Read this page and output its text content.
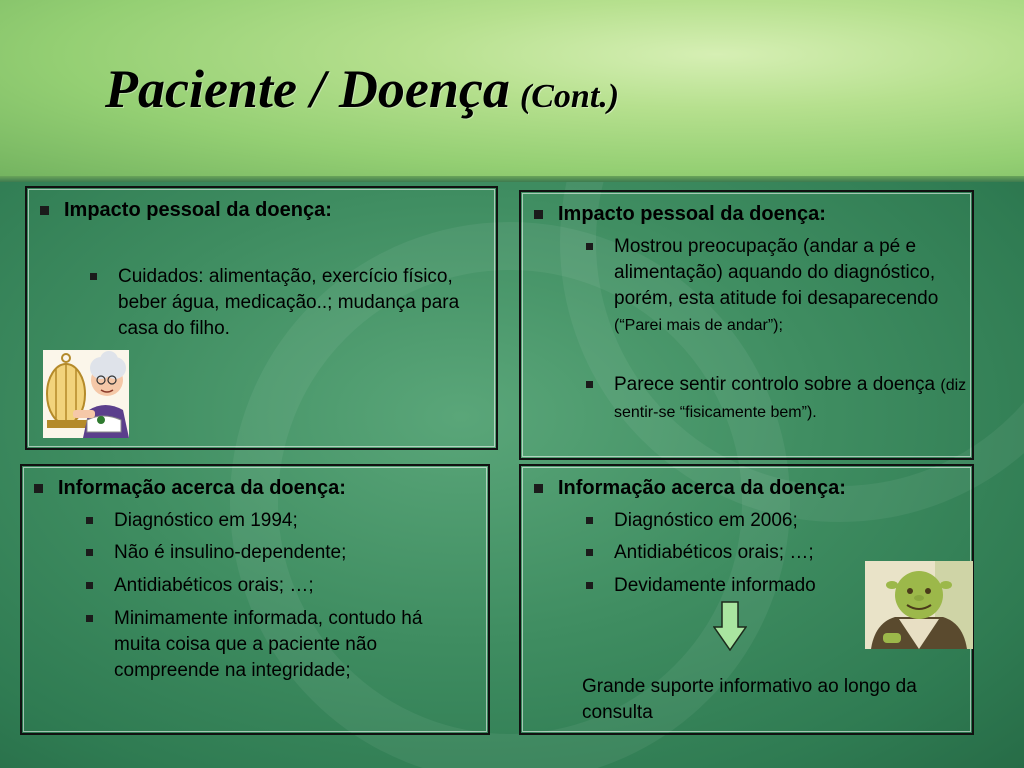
Paciente / Doença (Cont.)
Impacto pessoal da doença:
Cuidados: alimentação, exercício físico, beber água, medicação..; mudança para casa do filho.
Impacto pessoal da doença:
Mostrou preocupação (andar a pé e alimentação) aquando do diagnóstico, porém, esta atitude foi desaparecendo (“Parei mais de andar”);
Parece sentir controlo sobre a doença (diz sentir-se “fisicamente bem”).
Informação acerca da doença:
Diagnóstico em 1994;
Não é insulino-dependente;
Antidiabéticos orais; …;
Minimamente informada, contudo há muita coisa que a paciente não compreende na integridade;
Informação acerca da doença:
Diagnóstico em 2006;
Antidiabéticos orais; …;
Devidamente informado
Grande suporte informativo ao longo da consulta
